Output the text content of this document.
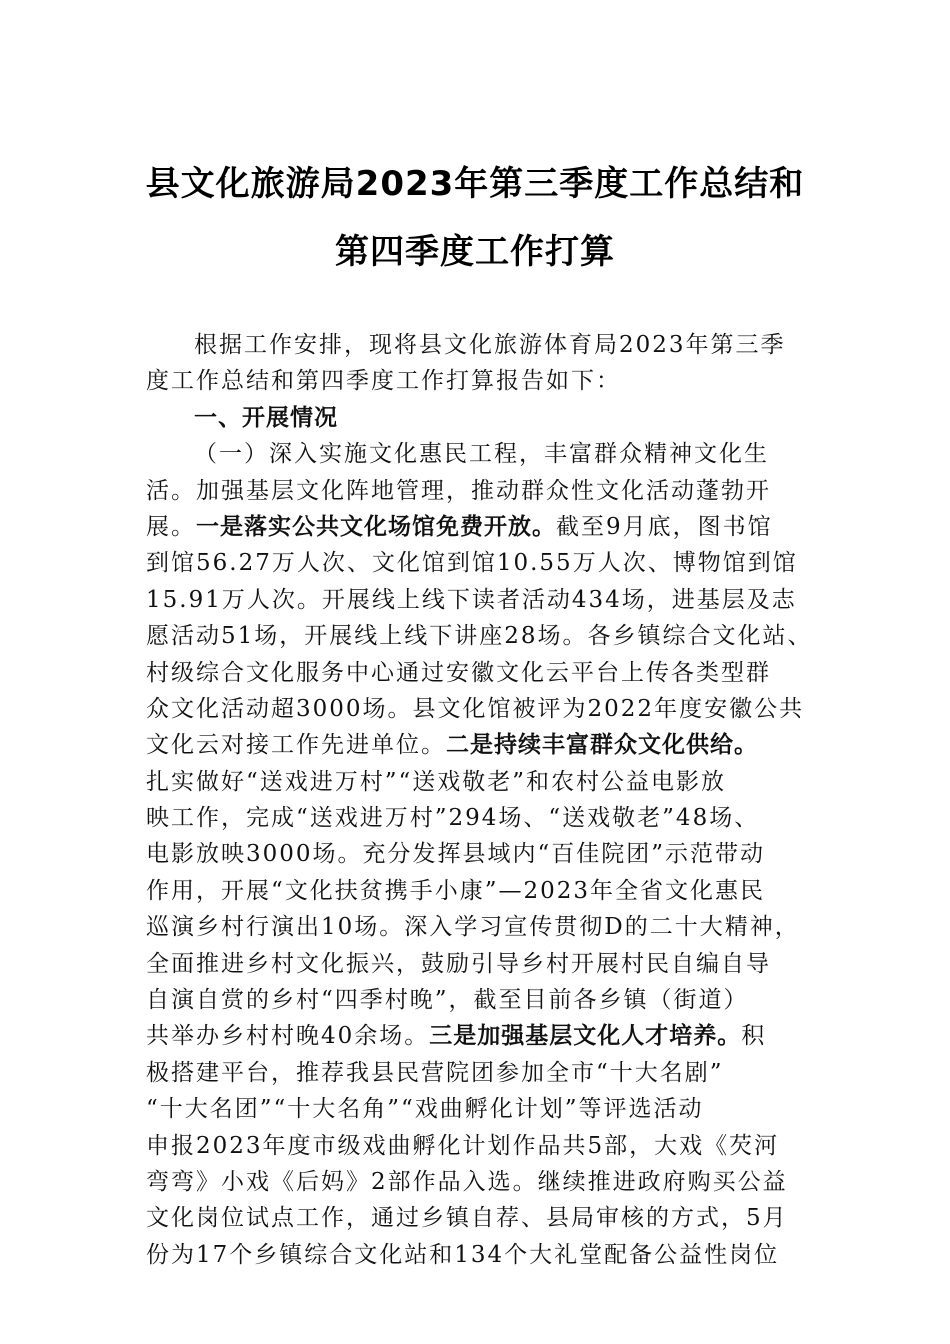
县文化旅游局2023年第三季度工作总结和
第四季度工作打算
根据工作安排，现将县文化旅游体育局2023年第三季
度工作总结和第四季度工作打算报告如下：
一、开展情况
（一）深入实施文化惠民工程，丰富群众精神文化生
活。加强基层文化阵地管理，推动群众性文化活动蓬勃开
展。一是落实公共文化场馆免费开放。截至9月底，图书馆
到馆56.27万人次、文化馆到馆10.55万人次、博物馆到馆
15.91万人次。开展线上线下读者活动434场，进基层及志
愿活动51场，开展线上线下讲座28场。各乡镇综合文化站、
村级综合文化服务中心通过安徽文化云平台上传各类型群
众文化活动超3000场。县文化馆被评为2022年度安徽公共
文化云对接工作先进单位。二是持续丰富群众文化供给。
扎实做好“送戏进万村”“送戏敬老”和农村公益电影放
映工作，完成“送戏进万村”294场、“送戏敬老”48场、
电影放映3000场。充分发挥县域内“百佳院团”示范带动
作用，开展“文化扶贫携手小康”—2023年全省文化惠民
巡演乡村行演出10场。深入学习宣传贯彻D的二十大精神，
全面推进乡村文化振兴，鼓励引导乡村开展村民自编自导
自演自赏的乡村“四季村晚”，截至目前各乡镇（街道）
共举办乡村村晚40余场。三是加强基层文化人才培养。积
极搭建平台，推荐我县民营院团参加全市“十大名剧”
“十大名团”“十大名角”“戏曲孵化计划”等评选活动
申报2023年度市级戏曲孵化计划作品共5部，大戏《芡河
弯弯》小戏《后妈》2部作品入选。继续推进政府购买公益
文化岗位试点工作，通过乡镇自荐、县局审核的方式，5月
份为17个乡镇综合文化站和134个大礼堂配备公益性岗位
